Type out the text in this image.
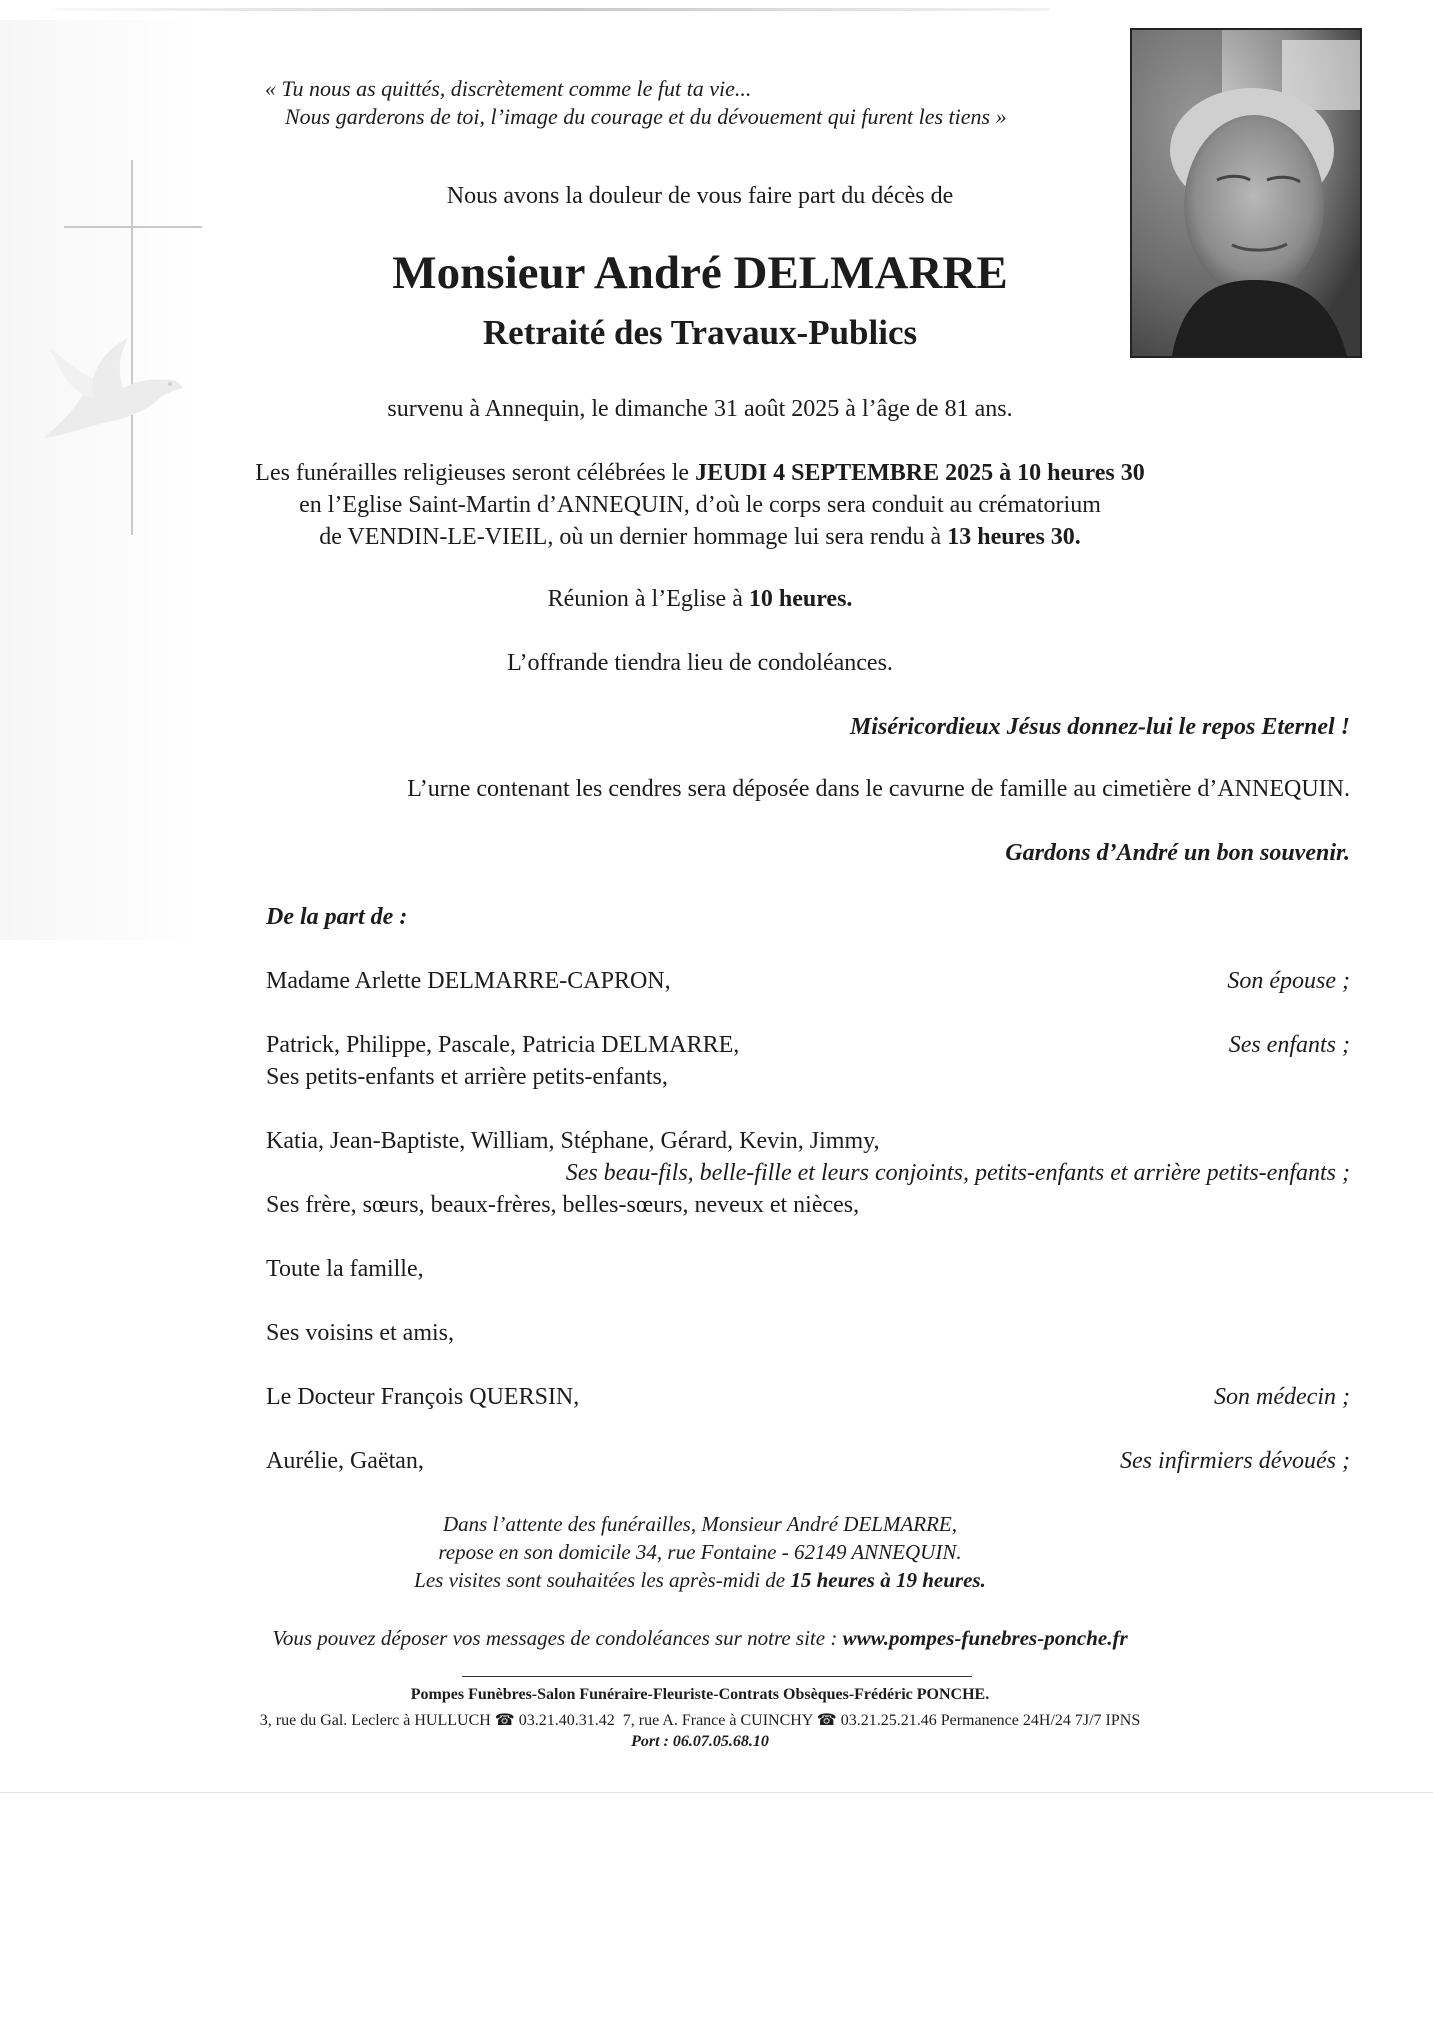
« Tu nous as quittés, discrètement comme le fut ta vie...
Nous garderons de toi, l’image du courage et du dévouement qui furent les tiens »
Nous avons la douleur de vous faire part du décès de
Monsieur André DELMARRE
Retraité des Travaux-Publics
survenu à Annequin, le dimanche 31 août 2025 à l’âge de 81 ans.
Les funérailles religieuses seront célébrées le JEUDI 4 SEPTEMBRE 2025 à 10 heures 30
en l’Eglise Saint-Martin d’ANNEQUIN, d’où le corps sera conduit au crématorium
de VENDIN-LE-VIEIL, où un dernier hommage lui sera rendu à 13 heures 30.
Réunion à l’Eglise à 10 heures.
L’offrande tiendra lieu de condoléances.
Miséricordieux Jésus donnez-lui le repos Eternel !
L’urne contenant les cendres sera déposée dans le cavurne de famille au cimetière d’ANNEQUIN.
Gardons d’André un bon souvenir.
De la part de :
Madame Arlette DELMARRE-CAPRON,	Son épouse ;
Patrick, Philippe, Pascale, Patricia DELMARRE,	Ses enfants ;
Ses petits-enfants et arrière petits-enfants,
Katia, Jean-Baptiste, William, Stéphane, Gérard, Kevin, Jimmy,
Ses beau-fils, belle-fille et leurs conjoints, petits-enfants et arrière petits-enfants ;
Ses frère, sœurs, beaux-frères, belles-sœurs, neveux et nièces,
Toute la famille,
Ses voisins et amis,
Le Docteur François QUERSIN,	Son médecin ;
Aurélie, Gaëtan,	Ses infirmiers dévoués ;
Dans l’attente des funérailles, Monsieur André DELMARRE,
repose en son domicile 34, rue Fontaine - 62149 ANNEQUIN.
Les visites sont souhaitées les après-midi de 15 heures à 19 heures.
Vous pouvez déposer vos messages de condoléances sur notre site : www.pompes-funebres-ponche.fr
Pompes Funèbres-Salon Funéraire-Fleuriste-Contrats Obsèques-Frédéric PONCHE.
3, rue du Gal. Leclerc à HULLUCH ☎ 03.21.40.31.42 7, rue A. France à CUINCHY ☎ 03.21.25.21.46 Permanence 24H/24 7J/7 IPNS
Port : 06.07.05.68.10
